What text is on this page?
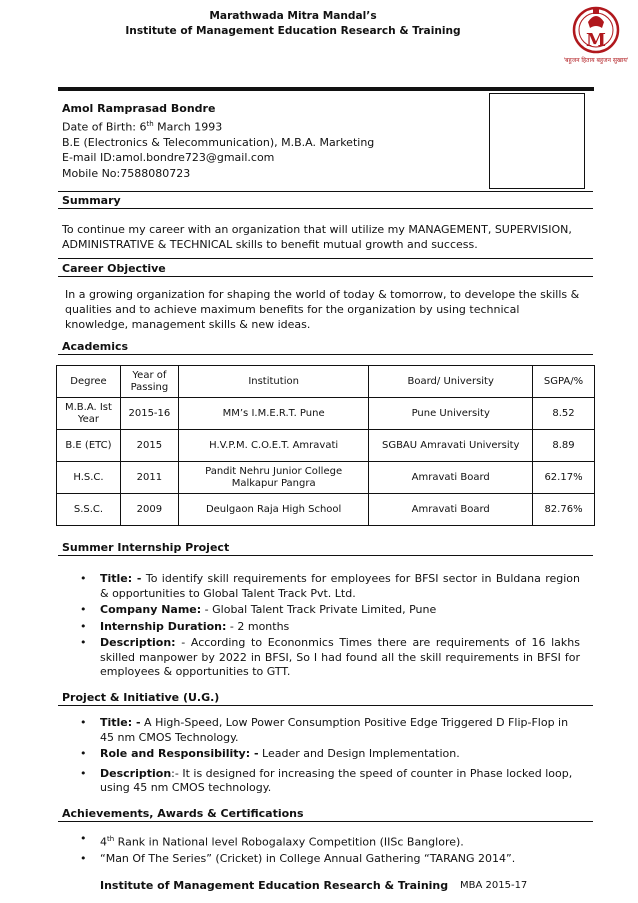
Marathwada Mitra Mandal’s
Institute of Management Education Research & Training	M
'बहुजन हिताय बहुजन सुखाय'
Amol Ramprasad Bondre
Date of Birth: 6th March 1993
B.E (Electronics & Telecommunication), M.B.A. Marketing
E-mail ID:amol.bondre723@gmail.com
Mobile No:7588080723
Summary
To continue my career with an organization that will utilize my MANAGEMENT, SUPERVISION, ADMINISTRATIVE & TECHNICAL skills to benefit mutual growth and success.
Career Objective
In a growing organization for shaping the world of today & tomorrow, to develope the skills & qualities and to achieve maximum benefits for the organization by using technical knowledge, management skills & new ideas.
Academics
Degree	Year of Passing	Institution	Board/ University	SGPA/%
M.B.A. Ist Year	2015-16	MM’s I.M.E.R.T. Pune	Pune University	8.52
B.E (ETC)	2015	H.V.P.M. C.O.E.T. Amravati	SGBAU Amravati University	8.89
H.S.C.	2011	Pandit Nehru Junior College Malkapur Pangra	Amravati Board	62.17%
S.S.C.	2009	Deulgaon Raja High School	Amravati Board	82.76%
Summer Internship Project
• Title: - To identify skill requirements for employees for BFSI sector in Buldana region & opportunities to Global Talent Track Pvt. Ltd.
• Company Name: - Global Talent Track Private Limited, Pune
• Internship Duration: - 2 months
• Description: - According to Econonmics Times there are requirements of 16 lakhs skilled manpower by 2022 in BFSI, So I had found all the skill requirements in BFSI for employees & opportunities to GTT.
Project & Initiative (U.G.)
• Title: - A High-Speed, Low Power Consumption Positive Edge Triggered D Flip-Flop in 45 nm CMOS Technology.
• Role and Responsibility: - Leader and Design Implementation.
• Description:- It is designed for increasing the speed of counter in Phase locked loop, using 45 nm CMOS technology.
Achievements, Awards & Certifications
• 4th Rank in National level Robogalaxy Competition (IISc Banglore).
• “Man Of The Series” (Cricket) in College Annual Gathering “TARANG 2014”.
Institute of Management Education Research & Training MBA 2015-17
